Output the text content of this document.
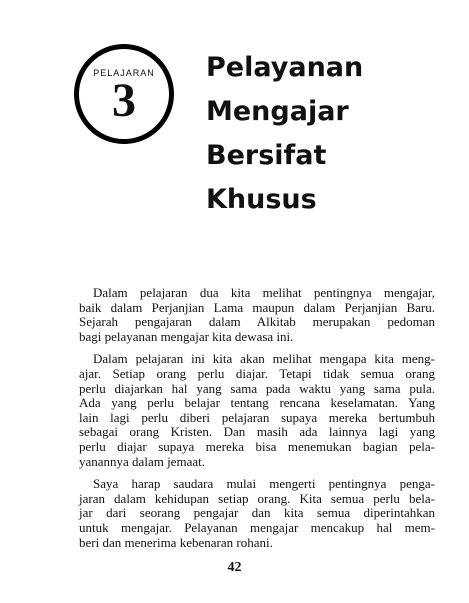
PELAJARAN
3
Pelayanan
Mengajar
Bersifat
Khusus

Dalam pelajaran dua kita melihat pentingnya mengajar,
baik dalam Perjanjian Lama maupun dalam Perjanjian Baru.
Sejarah pengajaran dalam Alkitab merupakan pedoman
bagi pelayanan mengajar kita dewasa ini.

Dalam pelajaran ini kita akan melihat mengapa kita meng-
ajar. Setiap orang perlu diajar. Tetapi tidak semua orang
perlu diajarkan hal yang sama pada waktu yang sama pula.
Ada yang perlu belajar tentang rencana keselamatan. Yang
lain lagi perlu diberi pelajaran supaya mereka bertumbuh
sebagai orang Kristen. Dan masih ada lainnya lagi yang
perlu diajar supaya mereka bisa menemukan bagian pela-
yanannya dalam jemaat.

Saya harap saudara mulai mengerti pentingnya penga-
jaran dalam kehidupan setiap orang. Kita semua perlu bela-
jar dari seorang pengajar dan kita semua diperintahkan
untuk mengajar. Pelayanan mengajar mencakup hal mem-
beri dan menerima kebenaran rohani.

42
